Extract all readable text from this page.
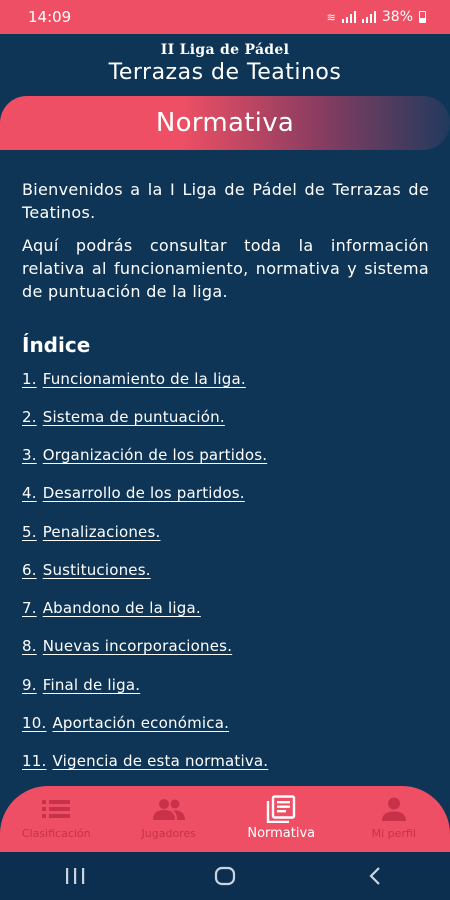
14:09	≋	38%
II Liga de Pádel
Terrazas de Teatinos
Normativa

Bienvenidos a la I Liga de Pádel de Terrazas de Teatinos.

Aquí podrás consultar toda la información relativa al funcionamiento, normativa y sistema de puntuación de la liga.

Índice
1. Funcionamiento de la liga.
2. Sistema de puntuación.
3. Organización de los partidos.
4. Desarrollo de los partidos.
5. Penalizaciones.
6. Sustituciones.
7. Abandono de la liga.
8. Nuevas incorporaciones.
9. Final de liga.
10. Aportación económica.
11. Vigencia de esta normativa.
Clasificación	Jugadores	Normativa	Mi perfil
